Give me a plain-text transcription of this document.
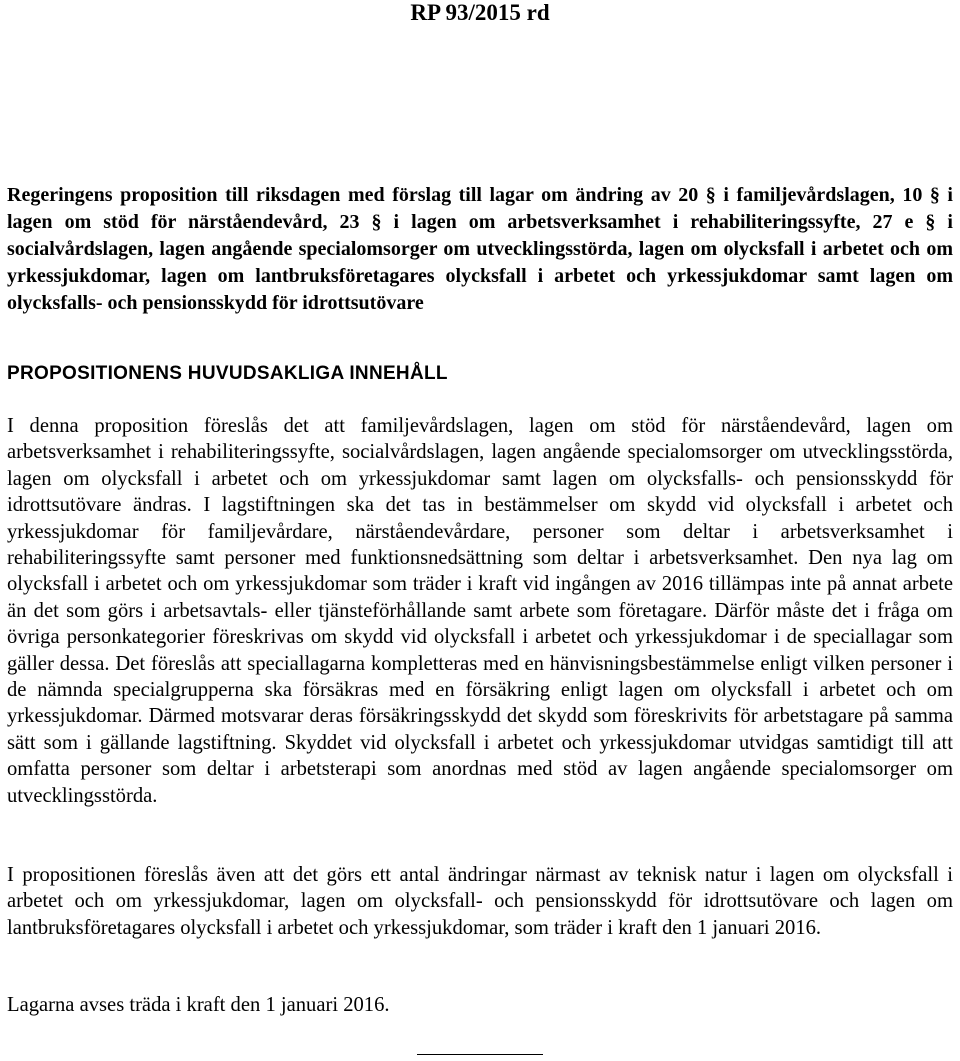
RP 93/2015 rd

Regeringens proposition till riksdagen med förslag till lagar om ändring av 20 § i familjevårdslagen, 10 § i lagen om stöd för närståendevård, 23 § i lagen om arbetsverksamhet i rehabiliteringssyfte, 27 e § i socialvårdslagen, lagen angående specialomsorger om utvecklingsstörda, lagen om olycksfall i arbetet och om yrkessjukdomar, lagen om lantbruksföretagares olycksfall i arbetet och yrkessjukdomar samt lagen om olycksfalls- och pensionsskydd för idrottsutövare

PROPOSITIONENS HUVUDSAKLIGA INNEHÅLL

I denna proposition föreslås det att familjevårdslagen, lagen om stöd för närståendevård, lagen om arbetsverksamhet i rehabiliteringssyfte, socialvårdslagen, lagen angående specialomsorger om utvecklingsstörda, lagen om olycksfall i arbetet och om yrkessjukdomar samt lagen om olycksfalls- och pensionsskydd för idrottsutövare ändras. I lagstiftningen ska det tas in bestämmelser om skydd vid olycksfall i arbetet och yrkessjukdomar för familjevårdare, närståendevårdare, personer som deltar i arbetsverksamhet i rehabiliteringssyfte samt personer med funktionsnedsättning som deltar i arbetsverksamhet. Den nya lag om olycksfall i arbetet och om yrkessjukdomar som träder i kraft vid ingången av 2016 tillämpas inte på annat arbete än det som görs i arbetsavtals- eller tjänsteförhållande samt arbete som företagare. Därför måste det i fråga om övriga personkategorier föreskrivas om skydd vid olycksfall i arbetet och yrkessjukdomar i de speciallagar som gäller dessa. Det föreslås att speciallagarna kompletteras med en hänvisningsbestämmelse enligt vilken personer i de nämnda specialgrupperna ska försäkras med en försäkring enligt lagen om olycksfall i arbetet och om yrkessjukdomar. Därmed motsvarar deras försäkringsskydd det skydd som föreskrivits för arbetstagare på samma sätt som i gällande lagstiftning. Skyddet vid olycksfall i arbetet och yrkessjukdomar utvidgas samtidigt till att omfatta personer som deltar i arbetsterapi som anordnas med stöd av lagen angående specialomsorger om utvecklingsstörda.

I propositionen föreslås även att det görs ett antal ändringar närmast av teknisk natur i lagen om olycksfall i arbetet och om yrkessjukdomar, lagen om olycksfall- och pensionsskydd för idrottsutövare och lagen om lantbruksföretagares olycksfall i arbetet och yrkessjukdomar, som träder i kraft den 1 januari 2016.

Lagarna avses träda i kraft den 1 januari 2016.
